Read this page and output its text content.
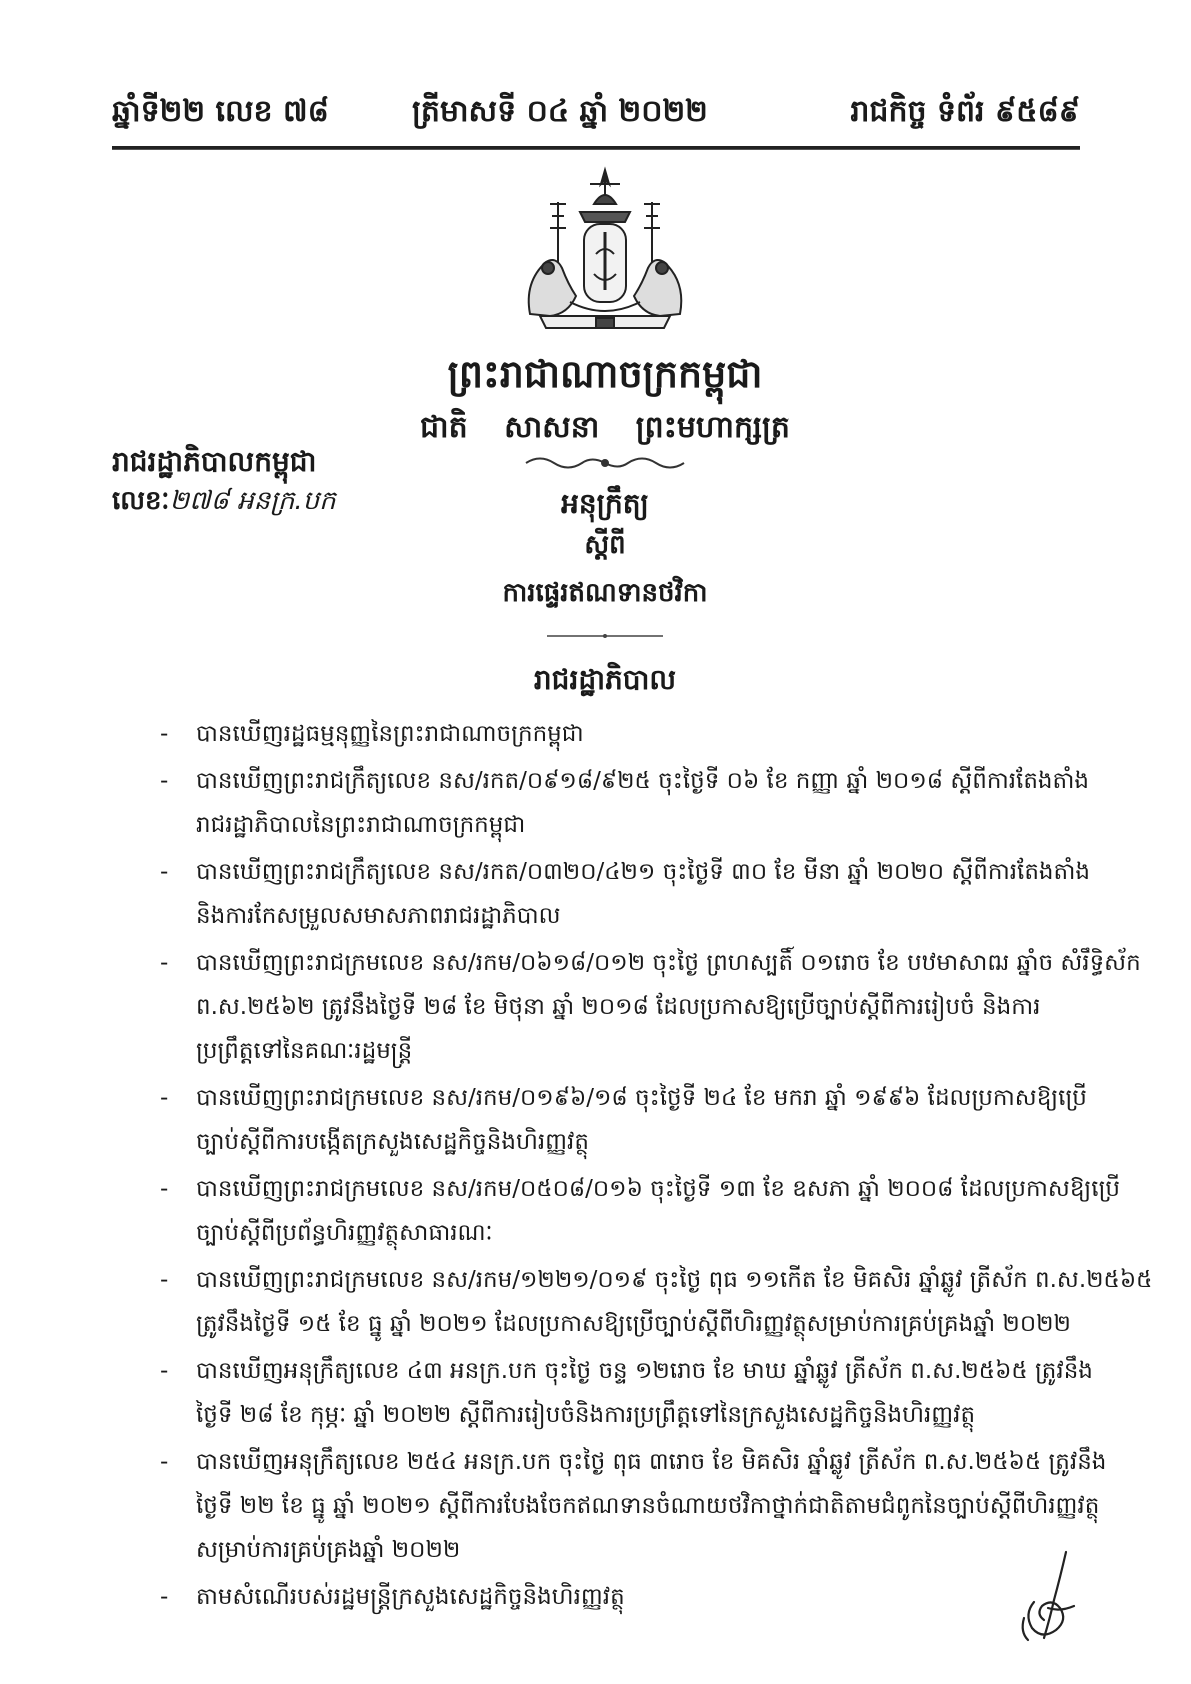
ឆ្នាំទី២២ លេខ ៧៨	ត្រីមាសទី ០៤ ឆ្នាំ ២០២២	រាជកិច្ច ទំព័រ ៩៥៨៩
ព្រះរាជាណាចក្រកម្ពុជា
ជាតិ សាសនា ព្រះមហាក្សត្រ
រាជរដ្ឋាភិបាលកម្ពុជា
លេខៈ២៧៨ អនក្រ.បក	អនុក្រឹត្យ
ស្តីពី
ការផ្ទេរឥណទានថវិកា
រាជរដ្ឋាភិបាល
- បានឃើញរដ្ឋធម្មនុញ្ញនៃព្រះរាជាណាចក្រកម្ពុជា
- បានឃើញព្រះរាជក្រឹត្យលេខ នស/រកត/០៩១៨/៩២៥ ចុះថ្ងៃទី ០៦ ខែ កញ្ញា ឆ្នាំ ២០១៨ ស្តីពីការតែងតាំង
រាជរដ្ឋាភិបាលនៃព្រះរាជាណាចក្រកម្ពុជា
- បានឃើញព្រះរាជក្រឹត្យលេខ នស/រកត/០៣២០/៤២១ ចុះថ្ងៃទី ៣០ ខែ មីនា ឆ្នាំ ២០២០ ស្តីពីការតែងតាំង
និងការកែសម្រួលសមាសភាពរាជរដ្ឋាភិបាល
- បានឃើញព្រះរាជក្រមលេខ នស/រកម/០៦១៨/០១២ ចុះថ្ងៃ ព្រហស្បតិ៍ ០១រោច ខែ បឋមាសាឍ ឆ្នាំច សំរឹទ្ធិស័ក
ព.ស.២៥៦២ ត្រូវនឹងថ្ងៃទី ២៨ ខែ មិថុនា ឆ្នាំ ២០១៨ ដែលប្រកាសឱ្យប្រើច្បាប់ស្តីពីការរៀបចំ និងការ
ប្រព្រឹត្តទៅនៃគណៈរដ្ឋមន្ត្រី
- បានឃើញព្រះរាជក្រមលេខ នស/រកម/០១៩៦/១៨ ចុះថ្ងៃទី ២៤ ខែ មករា ឆ្នាំ ១៩៩៦ ដែលប្រកាសឱ្យប្រើ
ច្បាប់ស្តីពីការបង្កើតក្រសួងសេដ្ឋកិច្ចនិងហិរញ្ញវត្ថុ
- បានឃើញព្រះរាជក្រមលេខ នស/រកម/០៥០៨/០១៦ ចុះថ្ងៃទី ១៣ ខែ ឧសភា ឆ្នាំ ២០០៨ ដែលប្រកាសឱ្យប្រើ
ច្បាប់ស្តីពីប្រព័ន្ធហិរញ្ញវត្ថុសាធារណៈ
- បានឃើញព្រះរាជក្រមលេខ នស/រកម/១២២១/០១៩ ចុះថ្ងៃ ពុធ ១១កើត ខែ មិគសិរ ឆ្នាំឆ្លូវ ត្រីស័ក ព.ស.២៥៦៥
ត្រូវនឹងថ្ងៃទី ១៥ ខែ ធ្នូ ឆ្នាំ ២០២១ ដែលប្រកាសឱ្យប្រើច្បាប់ស្តីពីហិរញ្ញវត្ថុសម្រាប់ការគ្រប់គ្រងឆ្នាំ ២០២២
- បានឃើញអនុក្រឹត្យលេខ ៤៣ អនក្រ.បក ចុះថ្ងៃ ចន្ទ ១២រោច ខែ មាឃ ឆ្នាំឆ្លូវ ត្រីស័ក ព.ស.២៥៦៥ ត្រូវនឹង
ថ្ងៃទី ២៨ ខែ កុម្ភៈ ឆ្នាំ ២០២២ ស្តីពីការរៀបចំនិងការប្រព្រឹត្តទៅនៃក្រសួងសេដ្ឋកិច្ចនិងហិរញ្ញវត្ថុ
- បានឃើញអនុក្រឹត្យលេខ ២៥៤ អនក្រ.បក ចុះថ្ងៃ ពុធ ៣រោច ខែ មិគសិរ ឆ្នាំឆ្លូវ ត្រីស័ក ព.ស.២៥៦៥ ត្រូវនឹង
ថ្ងៃទី ២២ ខែ ធ្នូ ឆ្នាំ ២០២១ ស្តីពីការបែងចែកឥណទានចំណាយថវិកាថ្នាក់ជាតិតាមជំពូកនៃច្បាប់ស្តីពីហិរញ្ញវត្ថុ
សម្រាប់ការគ្រប់គ្រងឆ្នាំ ២០២២
- តាមសំណើរបស់រដ្ឋមន្ត្រីក្រសួងសេដ្ឋកិច្ចនិងហិរញ្ញវត្ថុ
